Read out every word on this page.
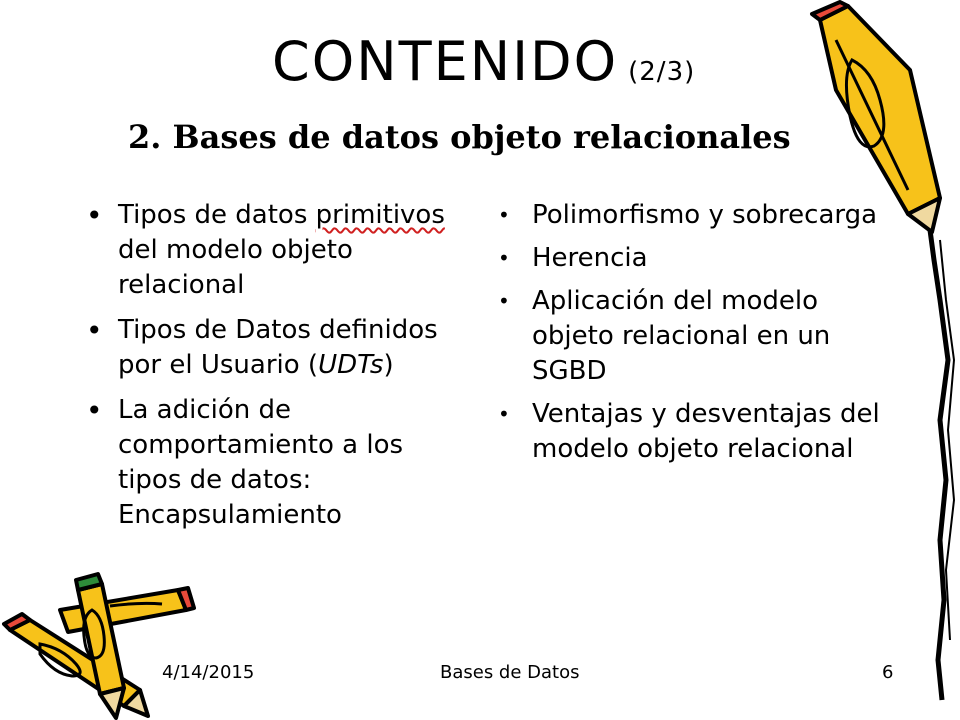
CONTENIDO (2/3)
2. Bases de datos objeto relacionales
• Tipos de datos primitivos del modelo objeto relacional
• Tipos de Datos definidos por el Usuario (UDTs)
• La adición de comportamiento a los tipos de datos: Encapsulamiento
• Polimorfismo y sobrecarga
• Herencia
• Aplicación del modelo objeto relacional en un SGBD
• Ventajas y desventajas del modelo objeto relacional
4/14/2015	Bases de Datos	6
